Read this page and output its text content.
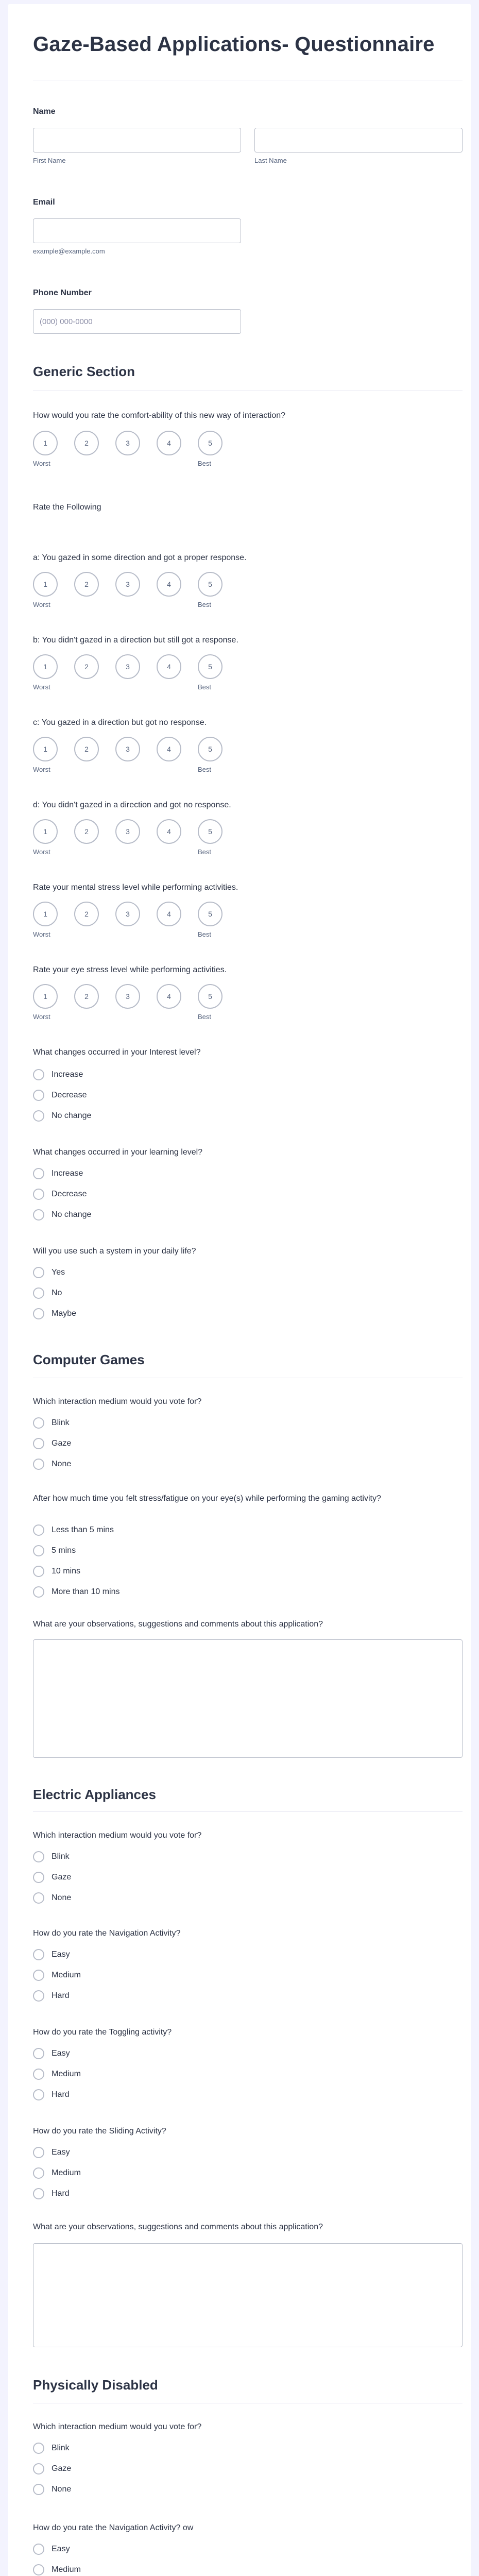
Gaze-Based Applications- Questionnaire
Name
First Name	Last Name
Email
example@example.com
Phone Number
(000) 000-0000
Generic Section
How would you rate the comfort-ability of this new way of interaction?
1	2	3	4	5
Worst	Best
Rate the Following
a: You gazed in some direction and got a proper response.
1	2	3	4	5
Worst	Best
b: You didn't gazed in a direction but still got a response.
1	2	3	4	5
Worst	Best
c: You gazed in a direction but got no response.
1	2	3	4	5
Worst	Best
d: You didn't gazed in a direction and got no response.
1	2	3	4	5
Worst	Best
Rate your mental stress level while performing activities.
1	2	3	4	5
Worst	Best
Rate your eye stress level while performing activities.
1	2	3	4	5
Worst	Best
What changes occurred in your Interest level?
Increase
Decrease
No change
What changes occurred in your learning level?
Increase
Decrease
No change
Will you use such a system in your daily life?
Yes
No
Maybe
Computer Games
Which interaction medium would you vote for?
Blink
Gaze
None
After how much time you felt stress/fatigue on your eye(s) while performing the gaming activity?
Less than 5 mins
5 mins
10 mins
More than 10 mins
What are your observations, suggestions and comments about this application?
Electric Appliances
Which interaction medium would you vote for?
Blink
Gaze
None
How do you rate the Navigation Activity?
Easy
Medium
Hard
How do you rate the Toggling activity?
Easy
Medium
Hard
How do you rate the Sliding Activity?
Easy
Medium
Hard
What are your observations, suggestions and comments about this application?
Physically Disabled
Which interaction medium would you vote for?
Blink
Gaze
None
How do you rate the Navigation Activity? ow
Easy
Medium
